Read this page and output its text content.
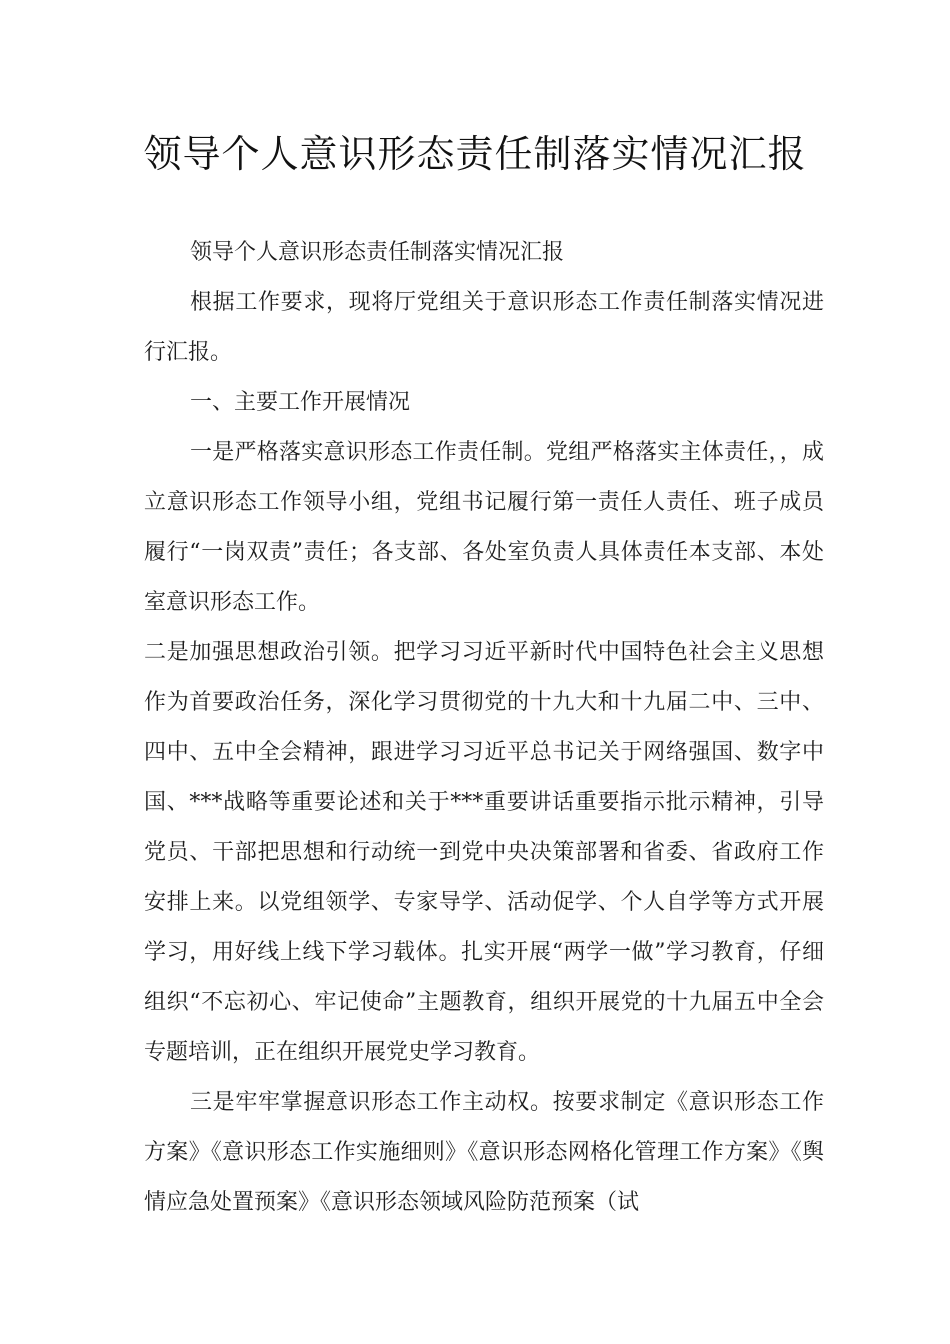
领导个人意识形态责任制落实情况汇报

领导个人意识形态责任制落实情况汇报

根据工作要求，现将厅党组关于意识形态工作责任制落实情况进行汇报。

一、主要工作开展情况

一是严格落实意识形态工作责任制。党组严格落实主体责任，，成立意识形态工作领导小组，党组书记履行第一责任人责任、班子成员履行“一岗双责”责任；各支部、各处室负责人具体责任本支部、本处室意识形态工作。

二是加强思想政治引领。把学习习近平新时代中国特色社会主义思想作为首要政治任务，深化学习贯彻党的十九大和十九届二中、三中、四中、五中全会精神，跟进学习习近平总书记关于网络强国、数字中国、***战略等重要论述和关于***重要讲话重要指示批示精神，引导党员、干部把思想和行动统一到党中央决策部署和省委、省政府工作安排上来。以党组领学、专家导学、活动促学、个人自学等方式开展学习，用好线上线下学习载体。扎实开展“两学一做”学习教育，仔细组织“不忘初心、牢记使命”主题教育，组织开展党的十九届五中全会专题培训，正在组织开展党史学习教育。

三是牢牢掌握意识形态工作主动权。按要求制定《意识形态工作方案》《意识形态工作实施细则》《意识形态网格化管理工作方案》《舆情应急处置预案》《意识形态领域风险防范预案（试
